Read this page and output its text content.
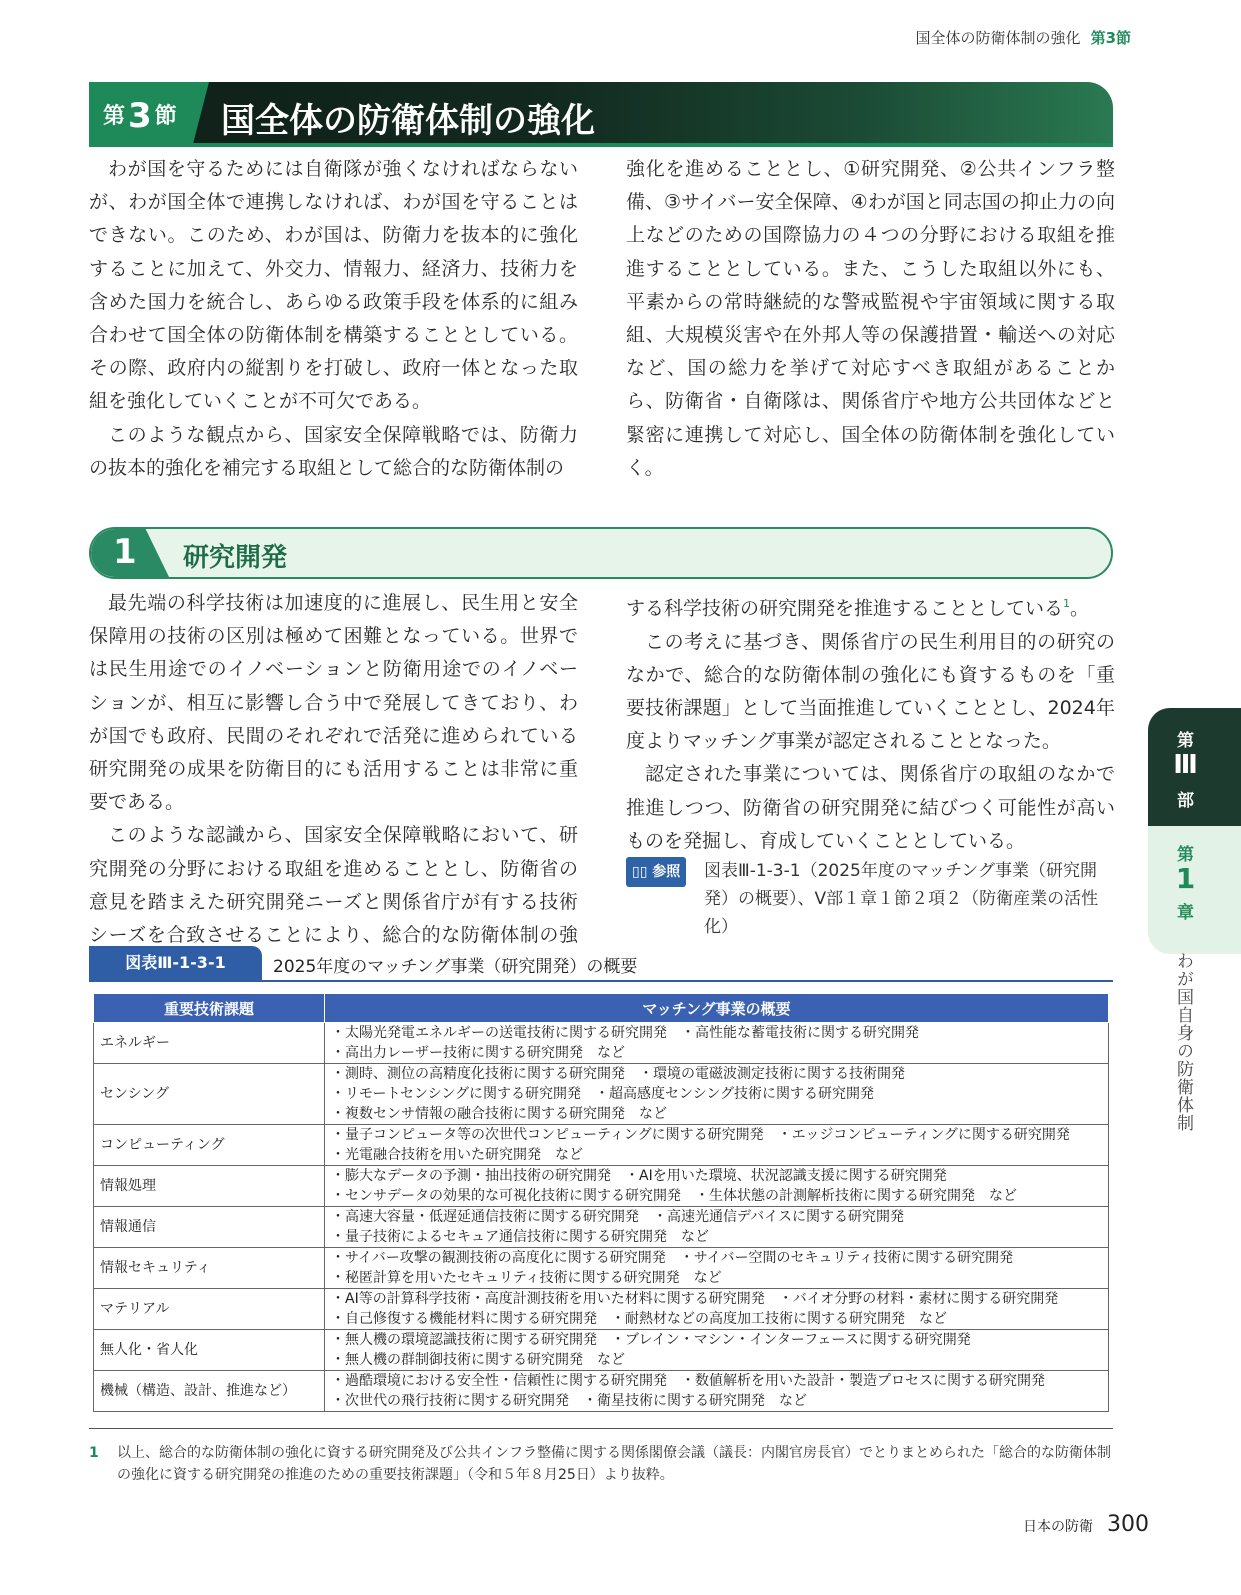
国全体の防衛体制の強化 第3節
第3 節 国全体の防衛体制の強化

わが国を守るためには自衛隊が強くなければならないが、わが国全体で連携しなければ、わが国を守ることはできない。このため、わが国は、防衛力を抜本的に強化することに加えて、外交力、情報力、経済力、技術力を含めた国力を統合し、あらゆる政策手段を体系的に組み合わせて国全体の防衛体制を構築することとしている。その際、政府内の縦割りを打破し、政府一体となった取組を強化していくことが不可欠である。

このような観点から、国家安全保障戦略では、防衛力の抜本的強化を補完する取組として総合的な防衛体制の

強化を進めることとし、①研究開発、②公共インフラ整備、③サイバー安全保障、④わが国と同志国の抑止力の向上などのための国際協力の４つの分野における取組を推進することとしている。また、こうした取組以外にも、平素からの常時継続的な警戒監視や宇宙領域に関する取組、大規模災害や在外邦人等の保護措置・輸送への対応など、国の総力を挙げて対応すべき取組があることから、防衛省・自衛隊は、関係省庁や地方公共団体などと緊密に連携して対応し、国全体の防衛体制を強化していく。

1 研究開発

最先端の科学技術は加速度的に進展し、民生用と安全保障用の技術の区別は極めて困難となっている。世界では民生用途でのイノベーションと防衛用途でのイノベーションが、相互に影響し合う中で発展してきており、わが国でも政府、民間のそれぞれで活発に進められている研究開発の成果を防衛目的にも活用することは非常に重要である。

このような認識から、国家安全保障戦略において、研究開発の分野における取組を進めることとし、防衛省の意見を踏まえた研究開発ニーズと関係省庁が有する技術シーズを合致させることにより、総合的な防衛体制の強

する科学技術の研究開発を推進することとしている$^1$。

この考えに基づき、関係省庁の民生利用目的の研究のなかで、総合的な防衛体制の強化にも資するものを「重要技術課題」として当面推進していくこととし、2024年度よりマッチング事業が認定されることとなった。

認定された事業については、関係省庁の取組のなかで推進しつつ、防衛省の研究開発に結びつく可能性が高いものを発掘し、育成していくこととしている。

▯▯ 参照 図表Ⅲ-1-3-1（2025年度のマッチング事業（研究開発）の概要）、Ⅴ部１章１節２項２（防衛産業の活性化）
図表Ⅲ-1-3-1	2025年度のマッチング事業（研究開発）の概要
重要技術課題	マッチング事業の概要
エネルギー	・太陽光発電エネルギーの送電技術に関する研究開発　・高性能な蓄電技術に関する研究開発
・高出力レーザー技術に関する研究開発　など

センシング	・測時、測位の高精度化技術に関する研究開発　・環境の電磁波測定技術に関する技術開発
・リモートセンシングに関する研究開発　・超高感度センシング技術に関する研究開発
・複数センサ情報の融合技術に関する研究開発　など

コンピューティング	・量子コンピュータ等の次世代コンピューティングに関する研究開発　・エッジコンピューティングに関する研究開発
・光電融合技術を用いた研究開発　など

情報処理	・膨大なデータの予測・抽出技術の研究開発　・AIを用いた環境、状況認識支援に関する研究開発
・センサデータの効果的な可視化技術に関する研究開発　・生体状態の計測解析技術に関する研究開発　など

情報通信	・高速大容量・低遅延通信技術に関する研究開発　・高速光通信デバイスに関する研究開発
・量子技術によるセキュア通信技術に関する研究開発　など

情報セキュリティ	・サイバー攻撃の観測技術の高度化に関する研究開発　・サイバー空間のセキュリティ技術に関する研究開発
・秘匿計算を用いたセキュリティ技術に関する研究開発　など

マテリアル	・AI等の計算科学技術・高度計測技術を用いた材料に関する研究開発　・バイオ分野の材料・素材に関する研究開発
・自己修復する機能材料に関する研究開発　・耐熱材などの高度加工技術に関する研究開発　など

無人化・省人化	・無人機の環境認識技術に関する研究開発　・ブレイン・マシン・インターフェースに関する研究開発
・無人機の群制御技術に関する研究開発　など

機械（構造、設計、推進など）	・過酷環境における安全性・信頼性に関する研究開発　・数値解析を用いた設計・製造プロセスに関する研究開発
・次世代の飛行技術に関する研究開発　・衛星技術に関する研究開発　など
1 以上、総合的な防衛体制の強化に資する研究開発及び公共インフラ整備に関する関係閣僚会議（議長：内閣官房長官）でとりまとめられた「総合的な防衛体制の強化に資する研究開発の推進のための重要技術課題」（令和５年８月25日）より抜粋。
日本の防衛 300
第
Ⅲ
部
第
1
章
わが国自身の防衛体制
